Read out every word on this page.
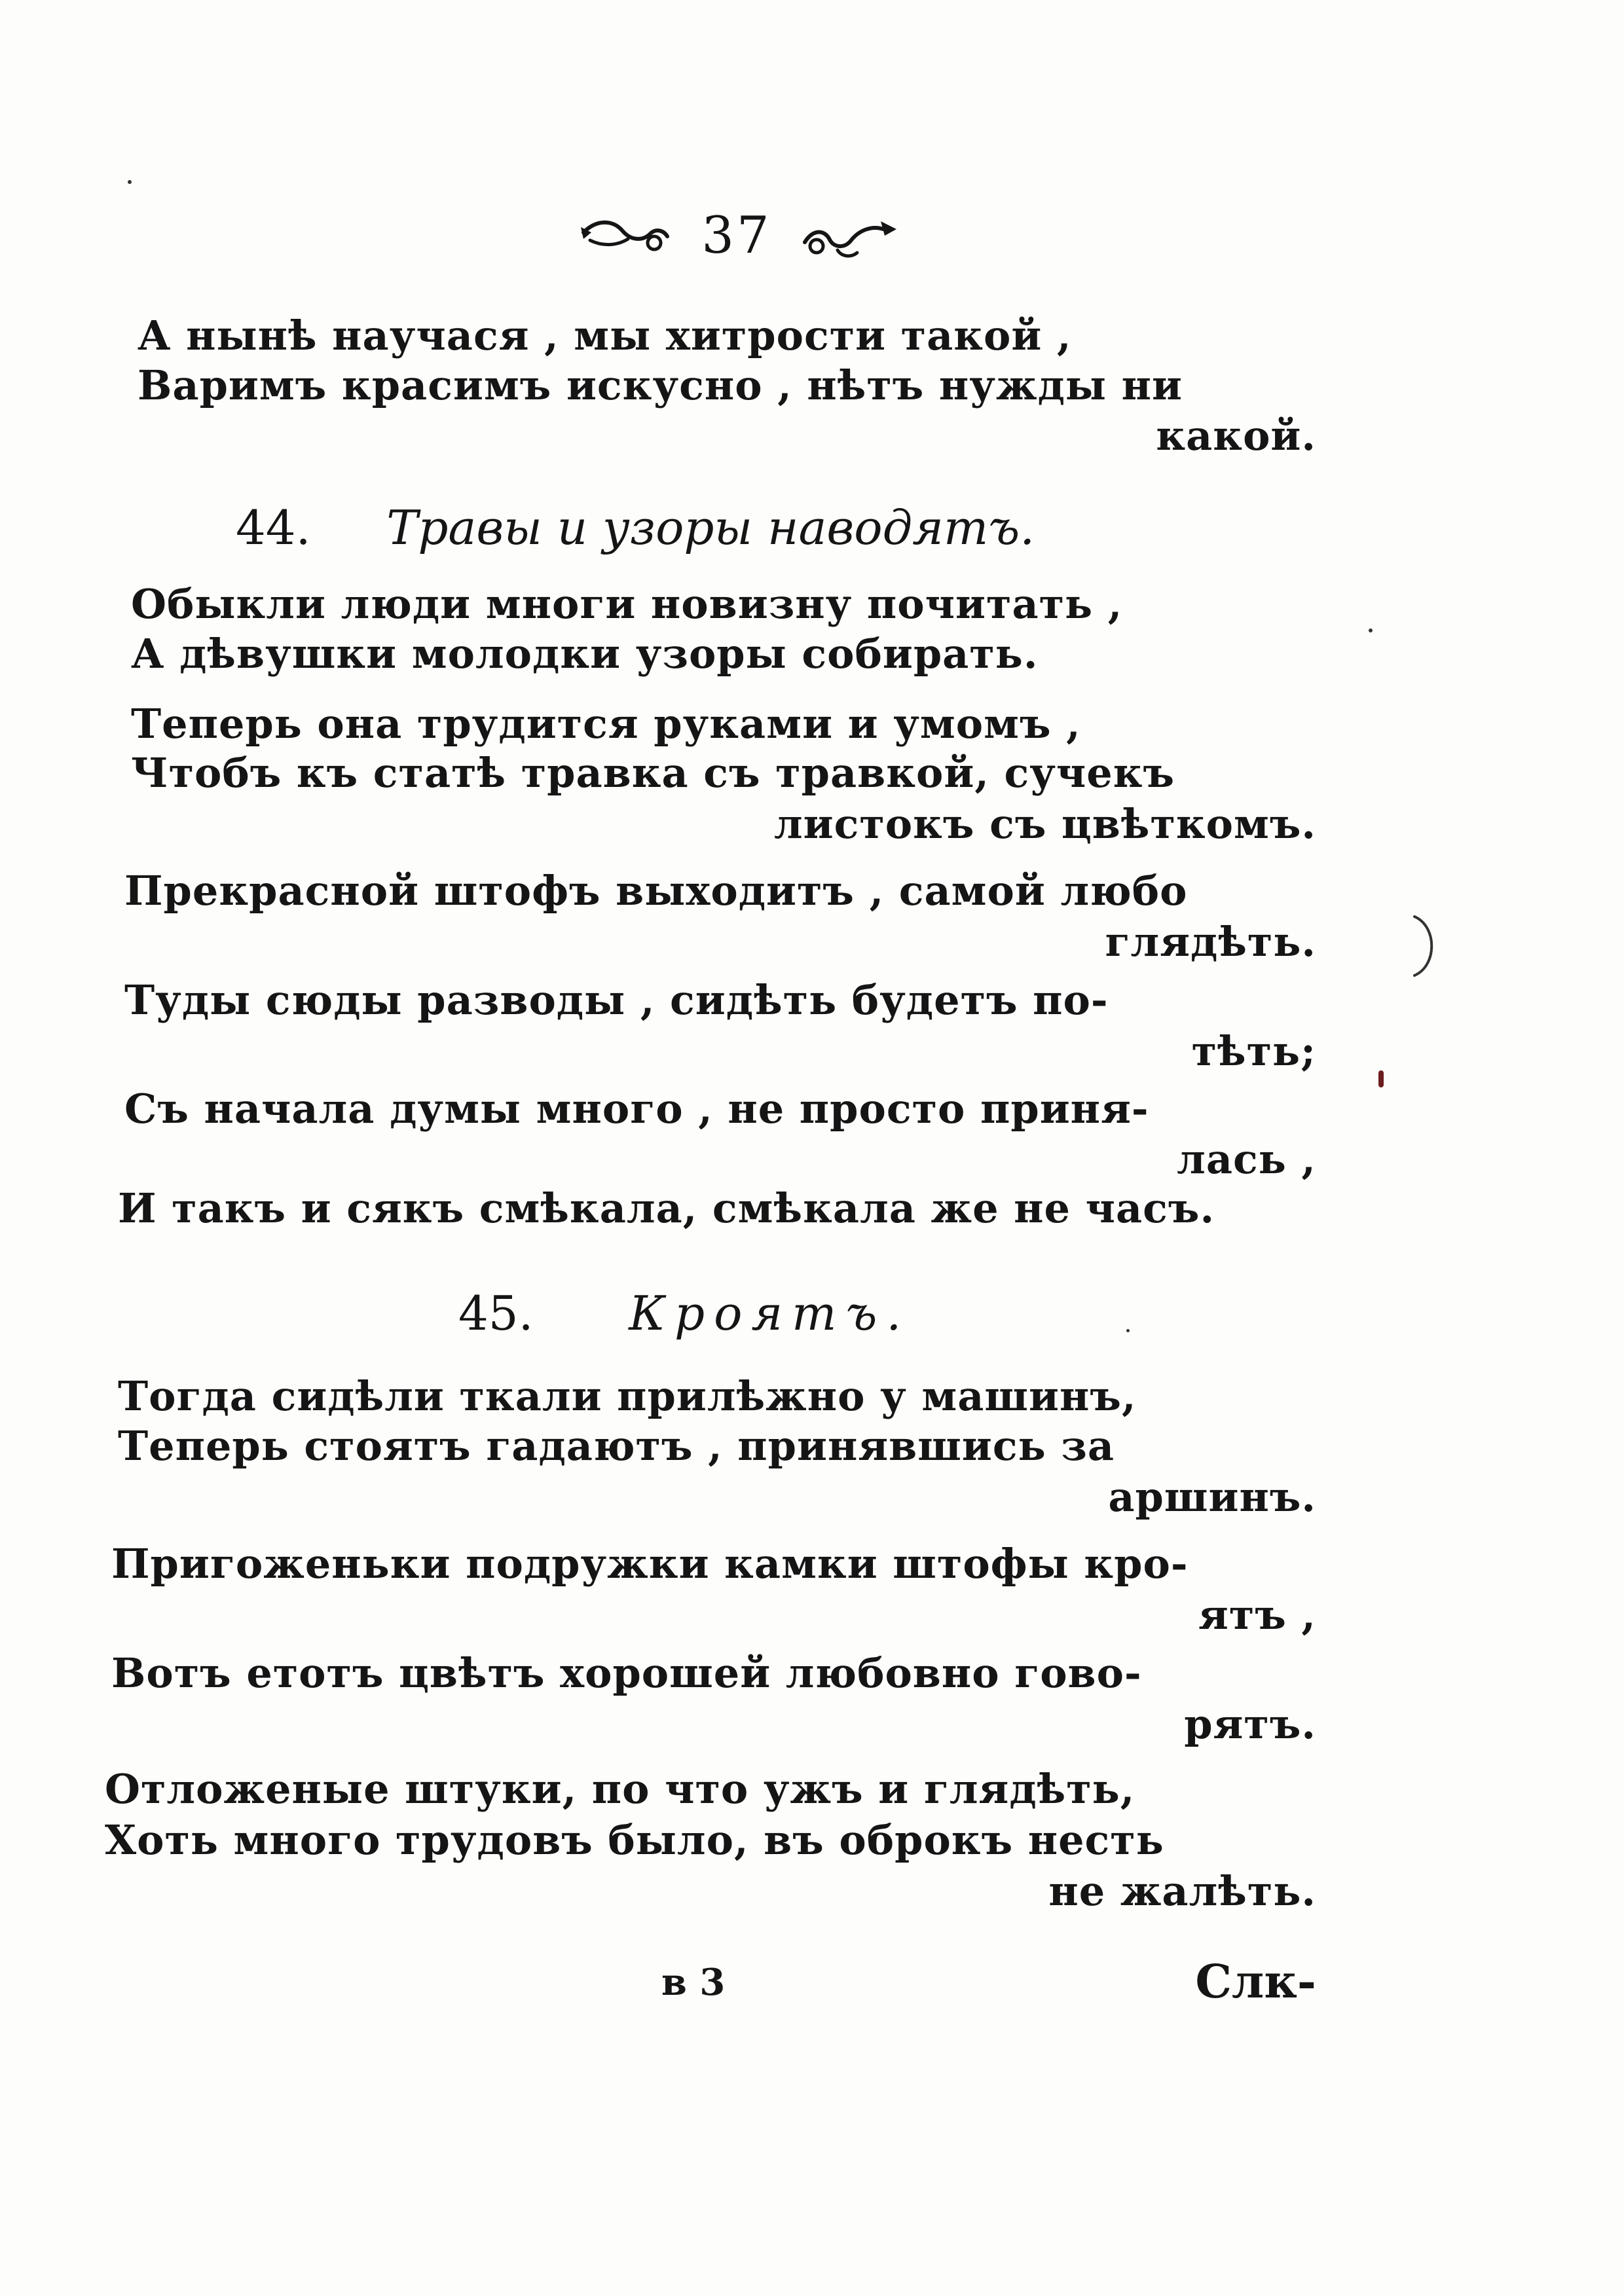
37
А нынѣ научася , мы хитрости такой ,
Варимъ красимъ искусно , нѣтъ нужды ни
какой.
44. Травы и узоры наводятъ.
Обыкли люди многи новизну почитать ,
А дѣвушки молодки узоры собирать.
Теперь она трудится руками и умомъ ,
Чтобъ къ статѣ травка съ травкой, сучекъ
листокъ съ цвѣткомъ.
Прекрасной штофъ выходитъ , самой любо
глядѣть.
Туды сюды разводы , сидѣть будетъ по-
тѣть;
Съ начала думы много , не просто приня-
лась ,
И такъ и сякъ смѣкала, смѣкала же не часъ.
45. Кроятъ.
Тогда сидѣли ткали прилѣжно у машинъ,
Теперь стоятъ гадаютъ , принявшись за
аршинъ.
Пригоженьки подружки камки штофы кро-
ятъ ,
Вотъ етотъ цвѣтъ хорошей любовно гово-
рятъ.
Отложеные штуки, по что ужъ и глядѣть,
Хоть много трудовъ было, въ оброкъ несть
не жалѣть.
в 3	Слк-
